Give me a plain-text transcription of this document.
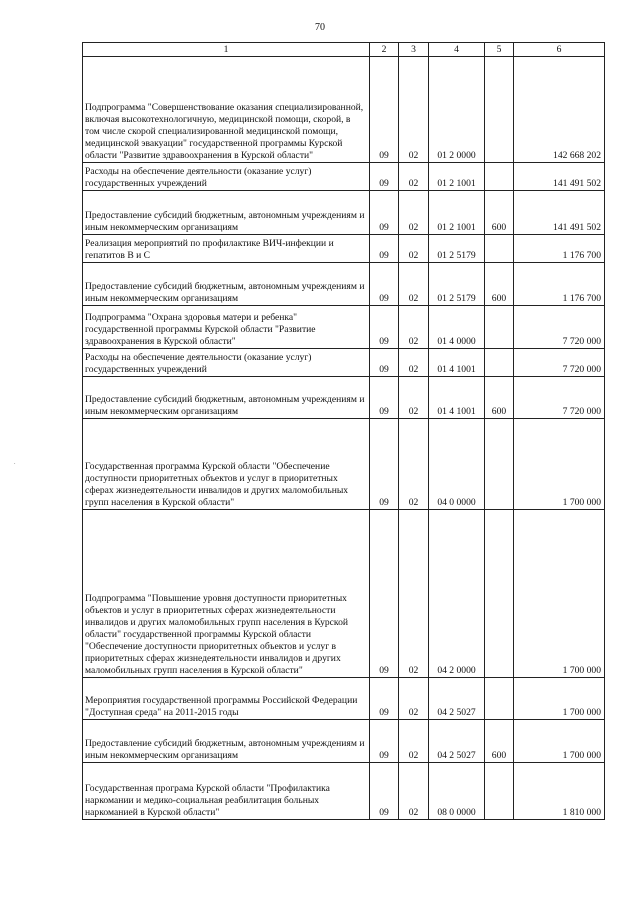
70
.
1	2	3	4	5	6
Подпрограмма "Совершенствование оказания специализированной, включая высокотехнологичную, медицинской помощи, скорой, в том числе скорой специализированной медицинской помощи, медицинской эвакуации" государственной программы Курской области "Развитие здравоохранения в Курской области"	09	02	01 2 0000		142 668 202
Расходы на обеспечение деятельности (оказание услуг) государственных учреждений	09	02	01 2 1001		141 491 502
Предоставление субсидий бюджетным, автономным учреждениям и иным некоммерческим организациям	09	02	01 2 1001	600	141 491 502
Реализация мероприятий по профилактике ВИЧ-инфекции и гепатитов В и С	09	02	01 2 5179		1 176 700
Предоставление субсидий бюджетным, автономным учреждениям и иным некоммерческим организациям	09	02	01 2 5179	600	1 176 700
Подпрограмма "Охрана здоровья матери и ребенка" государственной программы Курской области "Развитие здравоохранения в Курской области"	09	02	01 4 0000		7 720 000
Расходы на обеспечение деятельности (оказание услуг) государственных учреждений	09	02	01 4 1001		7 720 000
Предоставление субсидий бюджетным, автономным учреждениям и иным некоммерческим организациям	09	02	01 4 1001	600	7 720 000
Государственная программа Курской области "Обеспечение доступности приоритетных объектов и услуг в приоритетных сферах жизнедеятельности инвалидов и других маломобильных групп населения в Курской области"	09	02	04 0 0000		1 700 000
Подпрограмма "Повышение уровня доступности приоритетных объектов и услуг в приоритетных сферах жизнедеятельности инвалидов и других маломобильных групп населения в Курской области" государственной программы Курской области "Обеспечение доступности приоритетных объектов и услуг в приоритетных сферах жизнедеятельности инвалидов и других маломобильных групп населения в Курской области"	09	02	04 2 0000		1 700 000
Мероприятия государственной программы Российской Федерации "Доступная среда" на 2011-2015 годы	09	02	04 2 5027		1 700 000
Предоставление субсидий бюджетным, автономным учреждениям и иным некоммерческим организациям	09	02	04 2 5027	600	1 700 000
Государственная програма Курской области "Профилактика наркомании и медико-социальная реабилитация больных наркоманией в Курской области"	09	02	08 0 0000		1 810 000
